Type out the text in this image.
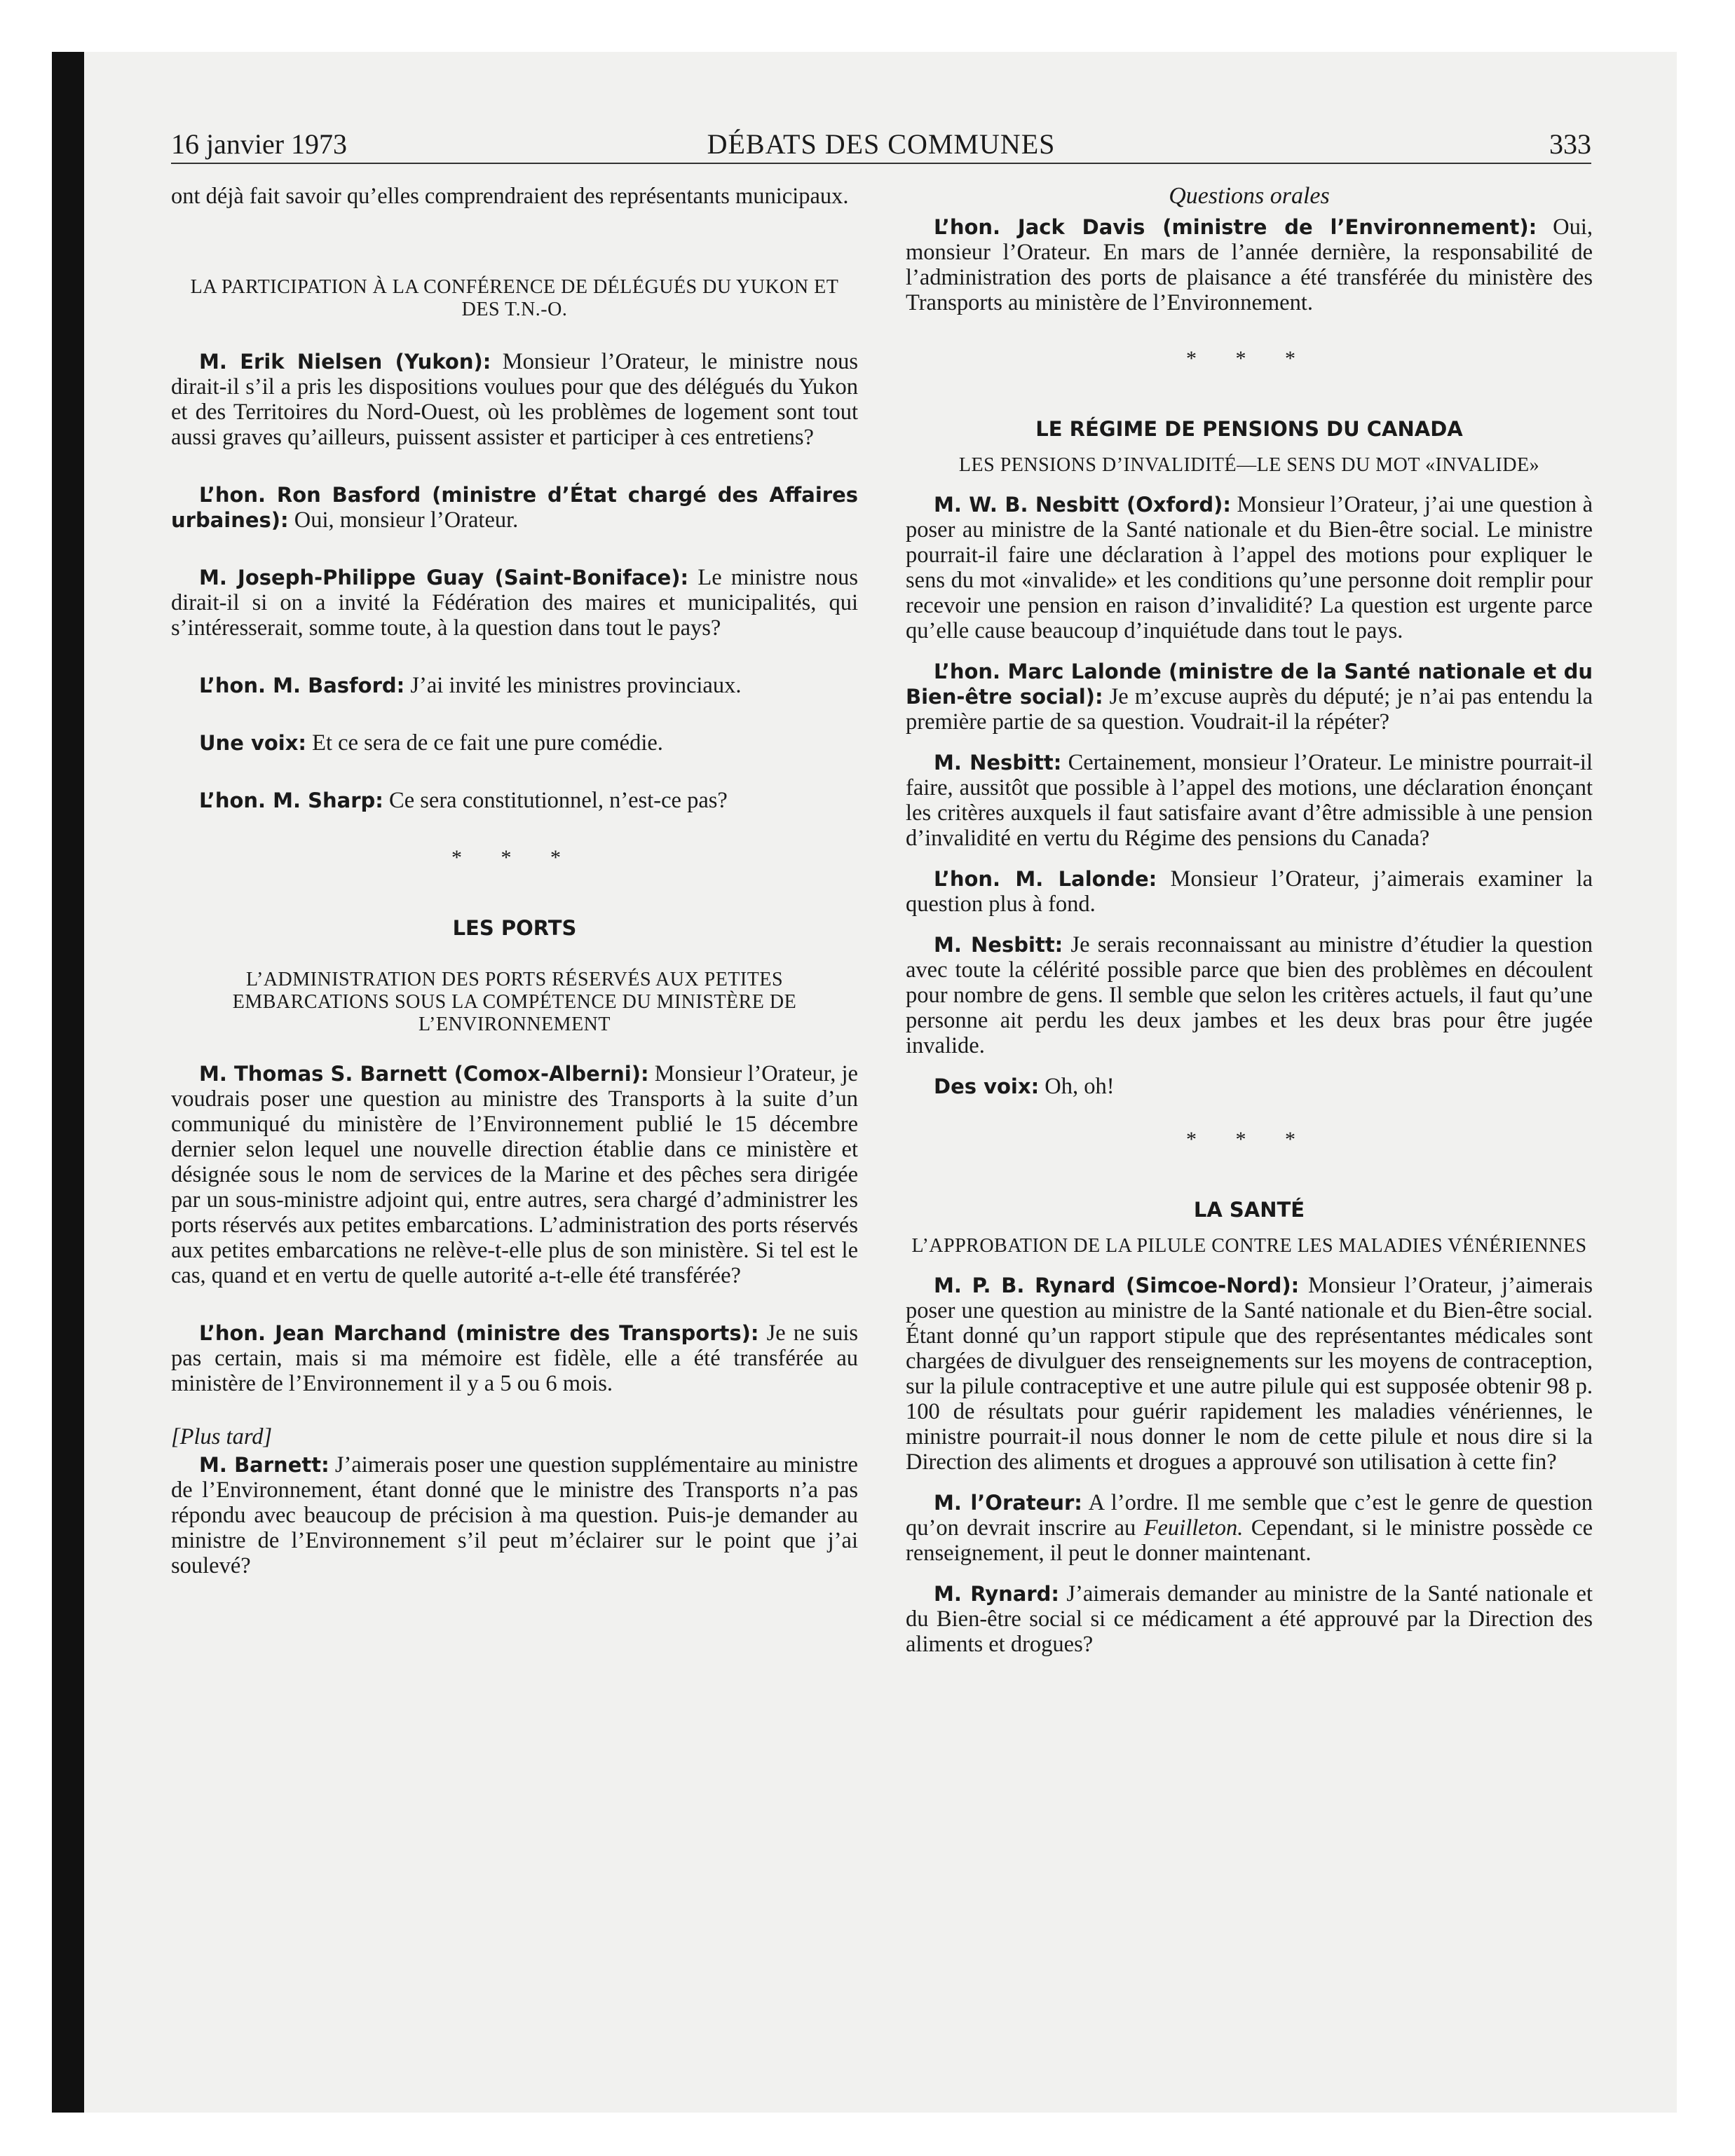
16 janvier 1973	DÉBATS DES COMMUNES	333

ont déjà fait savoir qu’elles comprendraient des représentants municipaux.

LA PARTICIPATION À LA CONFÉRENCE DE DÉLÉGUÉS DU YUKON ET DES T.N.-O.

M. Erik Nielsen (Yukon): Monsieur l’Orateur, le ministre nous dirait-il s’il a pris les dispositions voulues pour que des délégués du Yukon et des Territoires du Nord-Ouest, où les problèmes de logement sont tout aussi graves qu’ailleurs, puissent assister et participer à ces entretiens?

L’hon. Ron Basford (ministre d’État chargé des Affaires urbaines): Oui, monsieur l’Orateur.

M. Joseph-Philippe Guay (Saint-Boniface): Le ministre nous dirait-il si on a invité la Fédération des maires et municipalités, qui s’intéresserait, somme toute, à la question dans tout le pays?

L’hon. M. Basford: J’ai invité les ministres provinciaux.

Une voix: Et ce sera de ce fait une pure comédie.

L’hon. M. Sharp: Ce sera constitutionnel, n’est-ce pas?

* * *
LES PORTS
L’ADMINISTRATION DES PORTS RÉSERVÉS AUX PETITES EMBARCATIONS SOUS LA COMPÉTENCE DU MINISTÈRE DE L’ENVIRONNEMENT

M. Thomas S. Barnett (Comox-Alberni): Monsieur l’Orateur, je voudrais poser une question au ministre des Transports à la suite d’un communiqué du ministère de l’Environnement publié le 15 décembre dernier selon lequel une nouvelle direction établie dans ce ministère et désignée sous le nom de services de la Marine et des pêches sera dirigée par un sous-ministre adjoint qui, entre autres, sera chargé d’administrer les ports réservés aux petites embarcations. L’administration des ports réservés aux petites embarcations ne relève-t-elle plus de son ministère. Si tel est le cas, quand et en vertu de quelle autorité a-t-elle été transférée?

L’hon. Jean Marchand (ministre des Transports): Je ne suis pas certain, mais si ma mémoire est fidèle, elle a été transférée au ministère de l’Environnement il y a 5 ou 6 mois.

[Plus tard]

M. Barnett: J’aimerais poser une question supplémentaire au ministre de l’Environnement, étant donné que le ministre des Transports n’a pas répondu avec beaucoup de précision à ma question. Puis-je demander au ministre de l’Environnement s’il peut m’éclairer sur le point que j’ai soulevé?

Questions orales

L’hon. Jack Davis (ministre de l’Environnement): Oui, monsieur l’Orateur. En mars de l’année dernière, la responsabilité de l’administration des ports de plaisance a été transférée du ministère des Transports au ministère de l’Environnement.

* * *
LE RÉGIME DE PENSIONS DU CANADA
LES PENSIONS D’INVALIDITÉ—LE SENS DU MOT «INVALIDE»

M. W. B. Nesbitt (Oxford): Monsieur l’Orateur, j’ai une question à poser au ministre de la Santé nationale et du Bien-être social. Le ministre pourrait-il faire une déclaration à l’appel des motions pour expliquer le sens du mot «invalide» et les conditions qu’une personne doit remplir pour recevoir une pension en raison d’invalidité? La question est urgente parce qu’elle cause beaucoup d’inquiétude dans tout le pays.

L’hon. Marc Lalonde (ministre de la Santé nationale et du Bien-être social): Je m’excuse auprès du député; je n’ai pas entendu la première partie de sa question. Voudrait-il la répéter?

M. Nesbitt: Certainement, monsieur l’Orateur. Le ministre pourrait-il faire, aussitôt que possible à l’appel des motions, une déclaration énonçant les critères auxquels il faut satisfaire avant d’être admissible à une pension d’invalidité en vertu du Régime des pensions du Canada?

L’hon. M. Lalonde: Monsieur l’Orateur, j’aimerais examiner la question plus à fond.

M. Nesbitt: Je serais reconnaissant au ministre d’étudier la question avec toute la célérité possible parce que bien des problèmes en découlent pour nombre de gens. Il semble que selon les critères actuels, il faut qu’une personne ait perdu les deux jambes et les deux bras pour être jugée invalide.

Des voix: Oh, oh!

* * *
LA SANTÉ
L’APPROBATION DE LA PILULE CONTRE LES MALADIES VÉNÉRIENNES

M. P. B. Rynard (Simcoe-Nord): Monsieur l’Orateur, j’aimerais poser une question au ministre de la Santé nationale et du Bien-être social. Étant donné qu’un rapport stipule que des représentantes médicales sont chargées de divulguer des renseignements sur les moyens de contraception, sur la pilule contraceptive et une autre pilule qui est supposée obtenir 98 p. 100 de résultats pour guérir rapidement les maladies vénériennes, le ministre pourrait-il nous donner le nom de cette pilule et nous dire si la Direction des aliments et drogues a approuvé son utilisation à cette fin?

M. l’Orateur: A l’ordre. Il me semble que c’est le genre de question qu’on devrait inscrire au Feuilleton. Cependant, si le ministre possède ce renseignement, il peut le donner maintenant.

M. Rynard: J’aimerais demander au ministre de la Santé nationale et du Bien-être social si ce médicament a été approuvé par la Direction des aliments et drogues?
